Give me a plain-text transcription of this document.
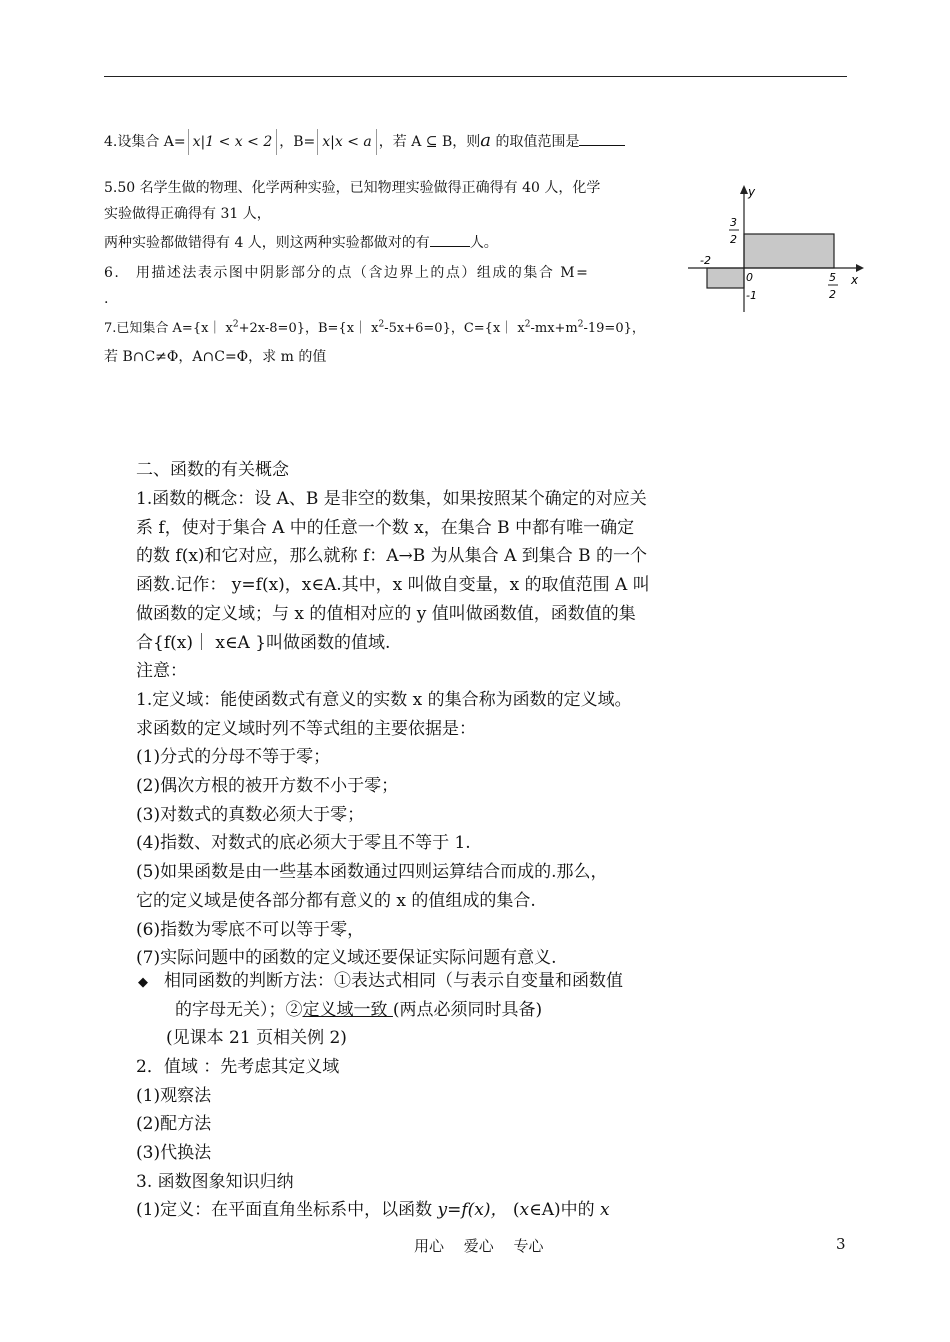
4.设集合 A= x|1 < x < 2 ，B= x|x < a ，若 A ⊆ B，则a 的取值范围是
5.50 名学生做的物理、化学两种实验，已知物理实验做得正确得有 40 人，化学
实验做得正确得有 31 人，
两种实验都做错得有 4 人，则这两种实验都做对的有	人。
6.　用描述法表示图中阴影部分的点（含边界上的点）组成的集合 M=
.
7.已知集合 A={x｜ $x^2+2x-8=0$}，B={x｜ $x^2-5x+6=0$}，C={x｜ $x^2-mx+m^2-19=0$}，
若 B∩C≠Φ，A∩C=Φ，求 m 的值
y
x
0
-2
-1
3
2
5
2
二、函数的有关概念
1.函数的概念：设 A、B 是非空的数集，如果按照某个确定的对应关
系 f，使对于集合 A 中的任意一个数 x，在集合 B 中都有唯一确定
的数 f(x)和它对应，那么就称 f：A→B 为从集合 A 到集合 B 的一个
函数.记作： y=f(x)，x∈A.其中，x 叫做自变量，x 的取值范围 A 叫
做函数的定义域；与 x 的值相对应的 y 值叫做函数值，函数值的集
合{f(x)｜ x∈A }叫做函数的值域.
注意：
1.定义域：能使函数式有意义的实数 x 的集合称为函数的定义域。
求函数的定义域时列不等式组的主要依据是：
(1)分式的分母不等于零；
(2)偶次方根的被开方数不小于零；
(3)对数式的真数必须大于零；
(4)指数、对数式的底必须大于零且不等于 1.
(5)如果函数是由一些基本函数通过四则运算结合而成的.那么，
它的定义域是使各部分都有意义的 x 的值组成的集合.
(6)指数为零底不可以等于零，
(7)实际问题中的函数的定义域还要保证实际问题有意义.
◆ 相同函数的判断方法：①表达式相同（与表示自变量和函数值
的字母无关）；②定义域一致 (两点必须同时具备)
(见课本 21 页相关例 2)
2．值域 ：先考虑其定义域
(1)观察法
(2)配方法
(3)代换法
3. 函数图象知识归纳
(1)定义：在平面直角坐标系中，以函数 y=f(x)， (x∈A)中的 x
用心　 爱心　 专心	3
